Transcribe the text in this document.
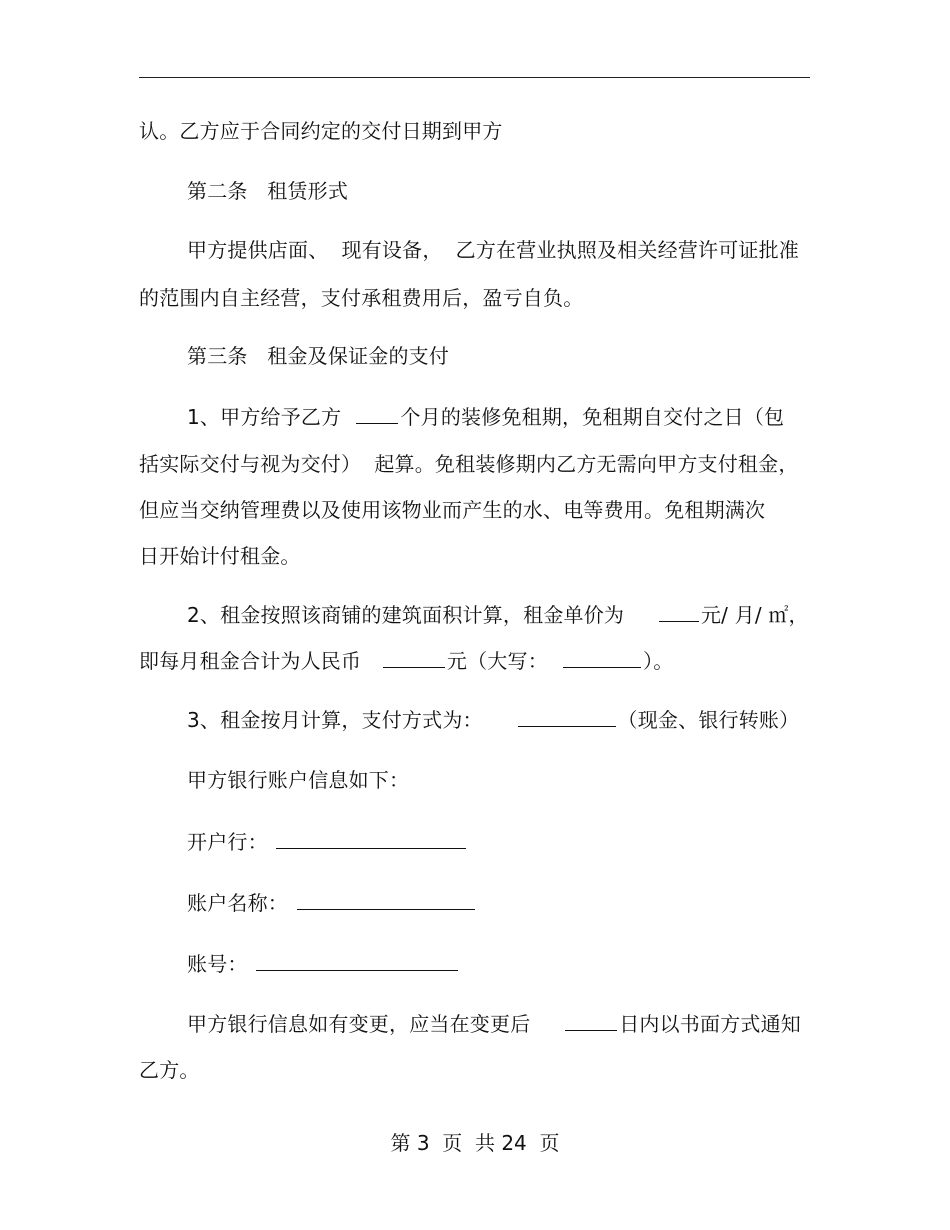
认。乙方应于合同约定的交付日期到甲方
第二条   租赁形式
甲方提供店面、  现有设备，  乙方在营业执照及相关经营许可证批准
的范围内自主经营，支付承租费用后，盈亏自负。
第三条   租金及保证金的支付
1、甲方给予乙方	个月的装修免租期，免租期自交付之日（包
括实际交付与视为交付）  起算。免租装修期内乙方无需向甲方支付租金，
但应当交纳管理费以及使用该物业而产生的水、电等费用。免租期满次
日开始计付租金。
2、租金按照该商铺的建筑面积计算，租金单价为	元/ 月/ ㎡，
即每月租金合计为人民币	元（大写：	）。
3、租金按月计算，支付方式为：	（现金、银行转账）
甲方银行账户信息如下：
开户行：
账户名称：
账号：
甲方银行信息如有变更，应当在变更后	日内以书面方式通知
乙方。
第 3  页  共 24  页
